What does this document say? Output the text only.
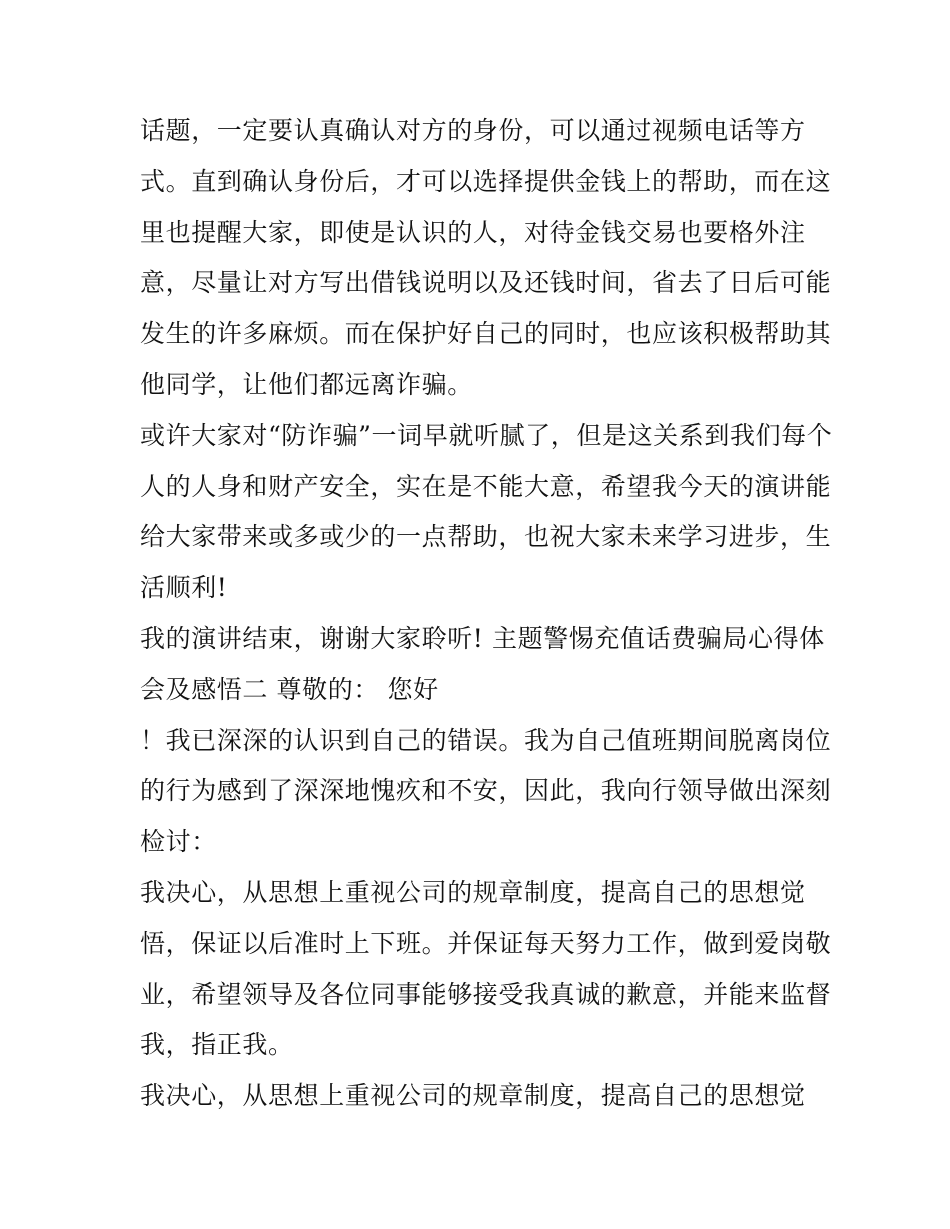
话题，一定要认真确认对方的身份，可以通过视频电话等方
式。直到确认身份后，才可以选择提供金钱上的帮助，而在这
里也提醒大家，即使是认识的人，对待金钱交易也要格外注
意，尽量让对方写出借钱说明以及还钱时间，省去了日后可能
发生的许多麻烦。而在保护好自己的同时，也应该积极帮助其
他同学，让他们都远离诈骗。
或许大家对“防诈骗”一词早就听腻了，但是这关系到我们每个
人的人身和财产安全，实在是不能大意，希望我今天的演讲能
给大家带来或多或少的一点帮助，也祝大家未来学习进步，生
活顺利!
我的演讲结束，谢谢大家聆听! 主题警惕充值话费骗局心得体
会及感悟二 尊敬的： 您好
！我已深深的认识到自己的错误。我为自己值班期间脱离岗位
的行为感到了深深地愧疚和不安，因此，我向行领导做出深刻
检讨：
我决心，从思想上重视公司的规章制度，提高自己的思想觉
悟，保证以后准时上下班。并保证每天努力工作，做到爱岗敬
业，希望领导及各位同事能够接受我真诚的歉意，并能来监督
我，指正我。
我决心，从思想上重视公司的规章制度，提高自己的思想觉
